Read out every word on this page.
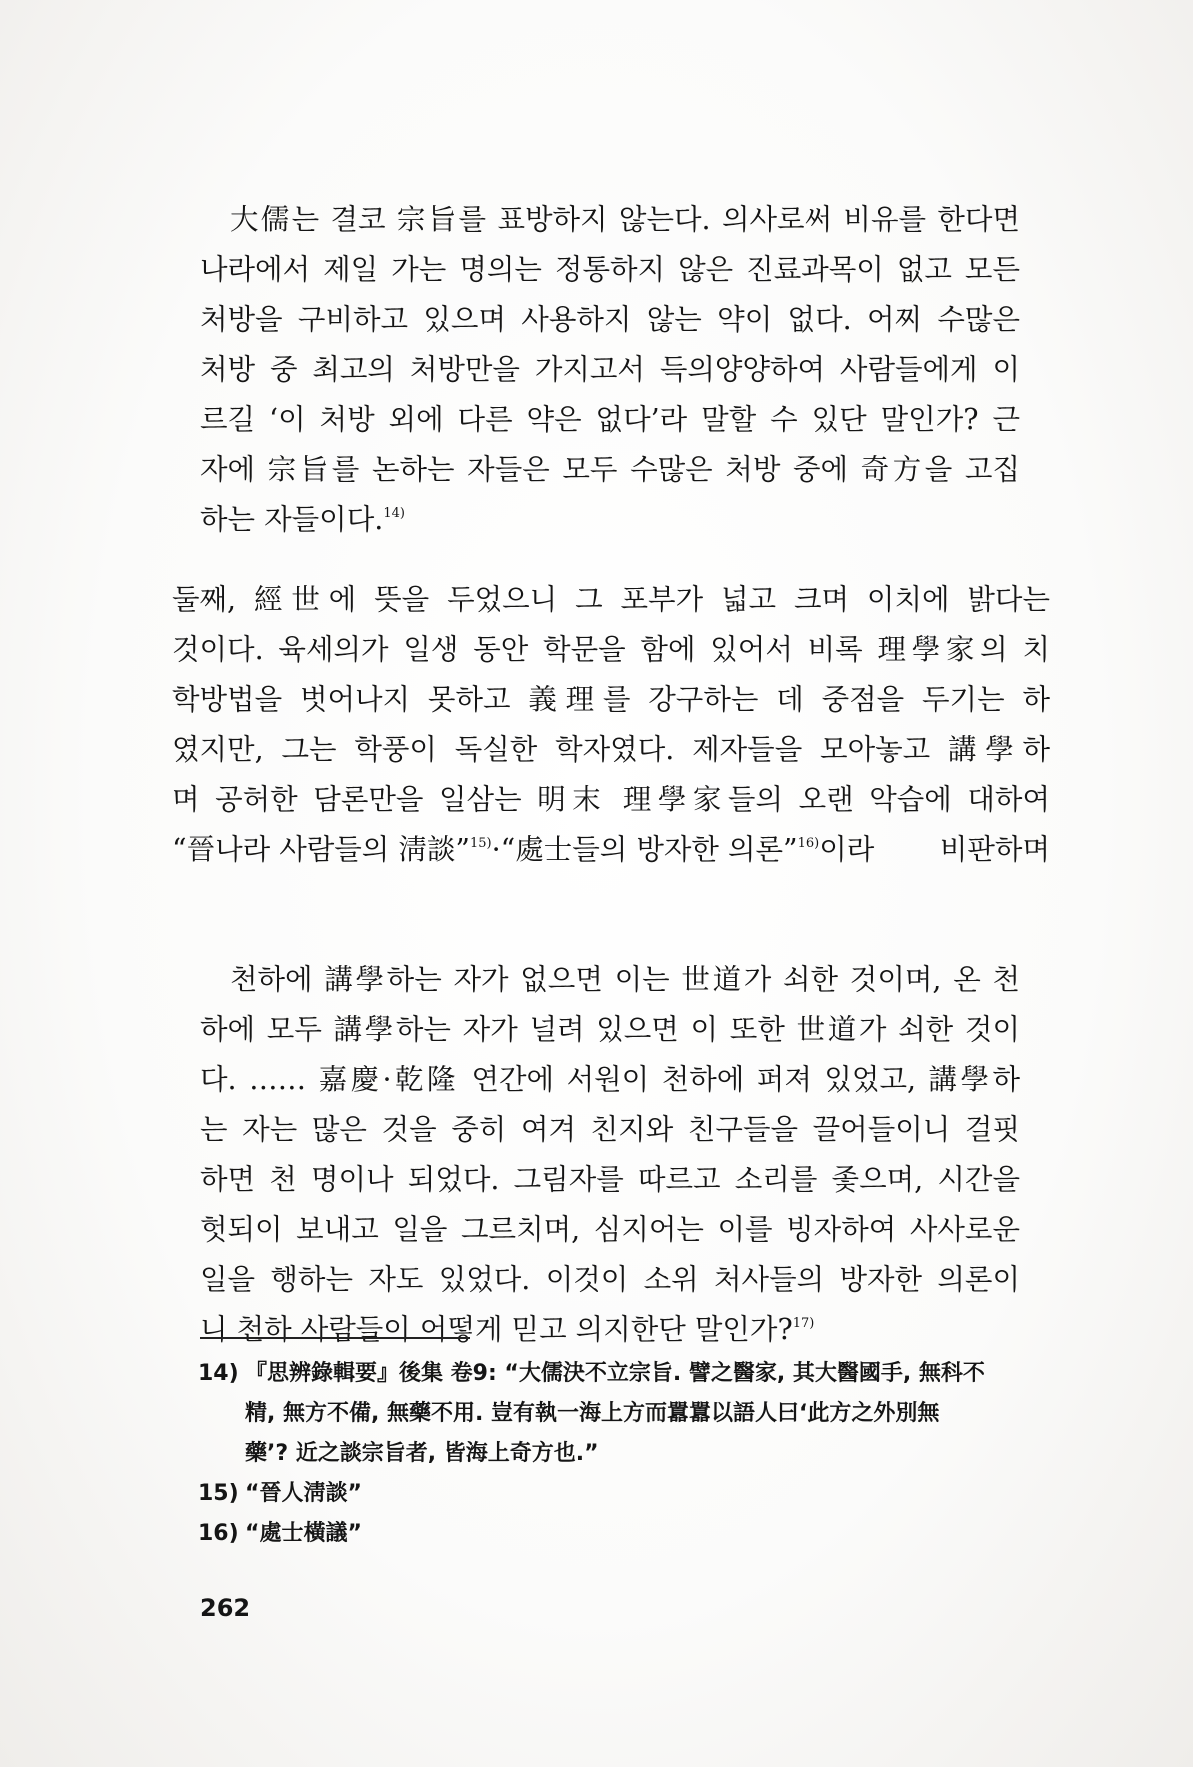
大儒는 결코 宗旨를 표방하지 않는다. 의사로써 비유를 한다면
나라에서 제일 가는 명의는 정통하지 않은 진료과목이 없고 모든
처방을 구비하고 있으며 사용하지 않는 약이 없다. 어찌 수많은
처방 중 최고의 처방만을 가지고서 득의양양하여 사람들에게 이
르길 ‘이 처방 외에 다른 약은 없다’라 말할 수 있단 말인가? 근
자에 宗旨를 논하는 자들은 모두 수많은 처방 중에 奇方을 고집
하는 자들이다.$^{14)}$
둘째, 經世에 뜻을 두었으니 그 포부가 넓고 크며 이치에 밝다는
것이다. 육세의가 일생 동안 학문을 함에 있어서 비록 理學家의 치
학방법을 벗어나지 못하고 義理를 강구하는 데 중점을 두기는 하
였지만, 그는 학풍이 독실한 학자였다. 제자들을 모아놓고 講學하
며 공허한 담론만을 일삼는 明末 理學家들의 오랜 악습에 대하여
“晉나라 사람들의 淸談”$^{15)}$·“處士들의 방자한 의론”$^{16)}$이라 비판하며
천하에 講學하는 자가 없으면 이는 世道가 쇠한 것이며, 온 천
하에 모두 講學하는 자가 널려 있으면 이 또한 世道가 쇠한 것이
다. …… 嘉慶·乾隆 연간에 서원이 천하에 퍼져 있었고, 講學하
는 자는 많은 것을 중히 여겨 친지와 친구들을 끌어들이니 걸핏
하면 천 명이나 되었다. 그림자를 따르고 소리를 좇으며, 시간을
헛되이 보내고 일을 그르치며, 심지어는 이를 빙자하여 사사로운
일을 행하는 자도 있었다. 이것이 소위 처사들의 방자한 의론이
니 천하 사람들이 어떻게 믿고 의지한단 말인가?$^{17)}$
14) 『思辨錄輯要』後集 卷9: “大儒決不立宗旨. 譬之醫家, 其大醫國手, 無科不
精, 無方不備, 無藥不用. 豈有執一海上方而囂囂以語人曰‘此方之外別無
藥’? 近之談宗旨者, 皆海上奇方也.”
15) “晉人淸談”
16) “處士橫議”
262
